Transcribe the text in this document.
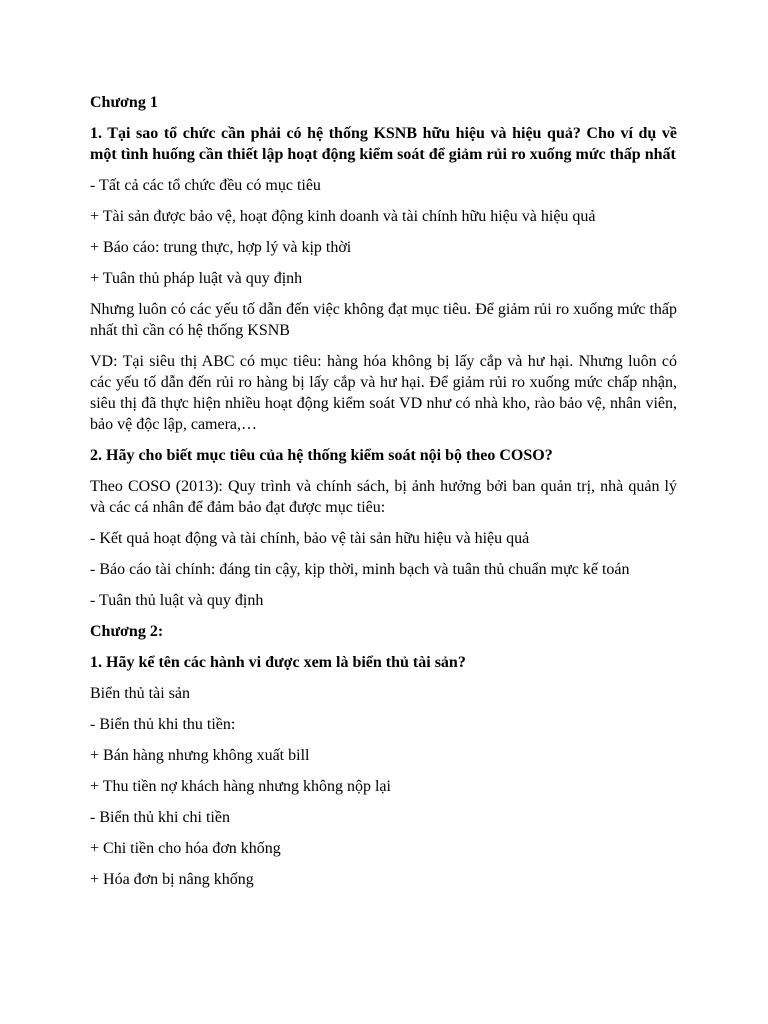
Chương 1

1. Tại sao tổ chức cần phải có hệ thống KSNB hữu hiệu và hiệu quả? Cho ví dụ về một tình huống cần thiết lập hoạt động kiểm soát để giảm rủi ro xuống mức thấp nhất

- Tất cả các tổ chức đều có mục tiêu

+ Tài sản được bảo vệ, hoạt động kinh doanh và tài chính hữu hiệu và hiệu quả

+ Báo cáo: trung thực, hợp lý và kịp thời

+ Tuân thủ pháp luật và quy định

Nhưng luôn có các yếu tố dẫn đến việc không đạt mục tiêu. Để giảm rủi ro xuống mức thấp nhất thì cần có hệ thống KSNB

VD: Tại siêu thị ABC có mục tiêu: hàng hóa không bị lấy cắp và hư hại. Nhưng luôn có các yếu tố dẫn đến rủi ro hàng bị lấy cắp và hư hại. Để giảm rủi ro xuống mức chấp nhận, siêu thị đã thực hiện nhiều hoạt động kiểm soát VD như có nhà kho, rào bảo vệ, nhân viên, bảo vệ độc lập, camera,…

2. Hãy cho biết mục tiêu của hệ thống kiểm soát nội bộ theo COSO?

Theo COSO (2013): Quy trình và chính sách, bị ảnh hưởng bởi ban quản trị, nhà quản lý và các cá nhân để đảm bảo đạt được mục tiêu:

- Kết quả hoạt động và tài chính, bảo vệ tài sản hữu hiệu và hiệu quả

- Báo cáo tài chính: đáng tin cậy, kịp thời, minh bạch và tuân thủ chuẩn mực kế toán

- Tuân thủ luật và quy định

Chương 2:

1. Hãy kể tên các hành vi được xem là biển thủ tài sản?

Biển thủ tài sản

- Biển thủ khi thu tiền:

+ Bán hàng nhưng không xuất bill

+ Thu tiền nợ khách hàng nhưng không nộp lại

- Biển thủ khi chi tiền

+ Chi tiền cho hóa đơn khống

+ Hóa đơn bị nâng khống
